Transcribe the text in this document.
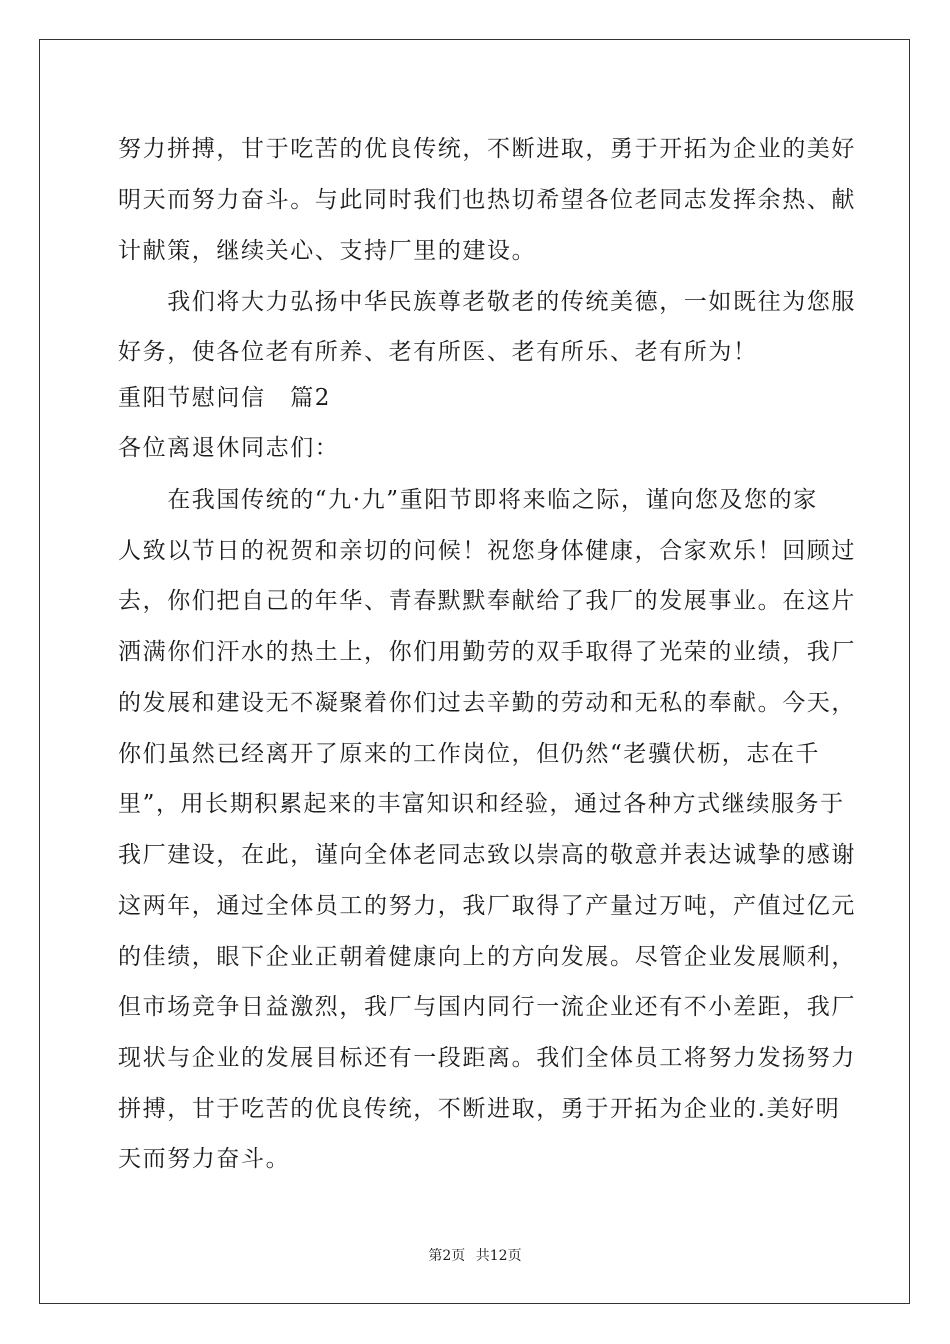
努力拼搏，甘于吃苦的优良传统，不断进取，勇于开拓为企业的美好
明天而努力奋斗。与此同时我们也热切希望各位老同志发挥余热、献
计献策，继续关心、支持厂里的建设。
　　我们将大力弘扬中华民族尊老敬老的传统美德，一如既往为您服
好务，使各位老有所养、老有所医、老有所乐、老有所为！
重阳节慰问信　篇2
各位离退休同志们：
　　在我国传统的“九·九”重阳节即将来临之际，谨向您及您的家
人致以节日的祝贺和亲切的问候！祝您身体健康，合家欢乐！回顾过
去，你们把自己的年华、青春默默奉献给了我厂的发展事业。在这片
洒满你们汗水的热土上，你们用勤劳的双手取得了光荣的业绩，我厂
的发展和建设无不凝聚着你们过去辛勤的劳动和无私的奉献。今天，
你们虽然已经离开了原来的工作岗位，但仍然“老骥伏枥，志在千
里”，用长期积累起来的丰富知识和经验，通过各种方式继续服务于
我厂建设，在此，谨向全体老同志致以崇高的敬意并表达诚挚的感谢
这两年，通过全体员工的努力，我厂取得了产量过万吨，产值过亿元
的佳绩，眼下企业正朝着健康向上的方向发展。尽管企业发展顺利，
但市场竞争日益激烈，我厂与国内同行一流企业还有不小差距，我厂
现状与企业的发展目标还有一段距离。我们全体员工将努力发扬努力
拼搏，甘于吃苦的优良传统，不断进取，勇于开拓为企业的.美好明
天而努力奋斗。
第2页 共12页
